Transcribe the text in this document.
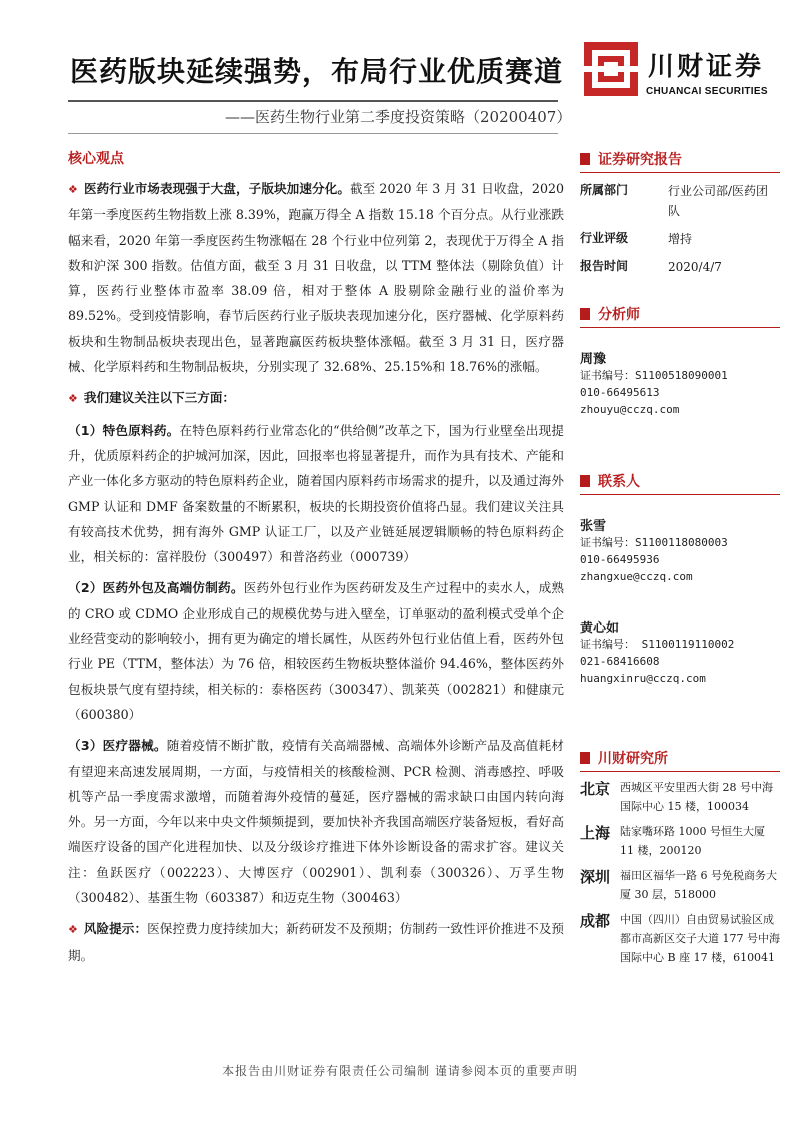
医药版块延续强势，布局行业优质赛道
——医药生物行业第二季度投资策略（20200407）
川财证券
CHUANCAI SECURITIES
核心观点
❖ 医药行业市场表现强于大盘，子版块加速分化。截至 2020 年 3 月 31 日收盘，2020 年第一季度医药生物指数上涨 8.39%，跑赢万得全 A 指数 15.18 个百分点。从行业涨跌幅来看，2020 年第一季度医药生物涨幅在 28 个行业中位列第 2，表现优于万得全 A 指数和沪深 300 指数。估值方面，截至 3 月 31 日收盘，以 TTM 整体法（剔除负值）计算，医药行业整体市盈率 38.09 倍，相对于整体 A 股剔除金融行业的溢价率为 89.52%。受到疫情影响，春节后医药行业子版块表现加速分化，医疗器械、化学原料药板块和生物制品板块表现出色，显著跑赢医药板块整体涨幅。截至 3 月 31 日，医疗器械、化学原料药和生物制品板块，分别实现了 32.68%、25.15%和 18.76%的涨幅。
❖ 我们建议关注以下三方面：
（1）特色原料药。在特色原料药行业常态化的“供给侧”改革之下，国为行业壁垒出现提升，优质原料药企的护城河加深，因此，回报率也将显著提升，而作为具有技术、产能和产业一体化多方驱动的特色原料药企业，随着国内原料药市场需求的提升，以及通过海外 GMP 认证和 DMF 备案数量的不断累积，板块的长期投资价值将凸显。我们建议关注具有较高技术优势，拥有海外 GMP 认证工厂，以及产业链延展逻辑顺畅的特色原料药企业，相关标的：富祥股份（300497）和普洛药业（000739）
（2）医药外包及高端仿制药。医药外包行业作为医药研发及生产过程中的卖水人，成熟的 CRO 或 CDMO 企业形成自己的规模优势与进入壁垒，订单驱动的盈利模式受单个企业经营变动的影响较小，拥有更为确定的增长属性，从医药外包行业估值上看，医药外包行业 PE（TTM，整体法）为 76 倍，相较医药生物板块整体溢价 94.46%，整体医药外包板块景气度有望持续，相关标的：泰格医药（300347）、凯莱英（002821）和健康元（600380）
（3）医疗器械。随着疫情不断扩散，疫情有关高端器械、高端体外诊断产品及高值耗材有望迎来高速发展周期，一方面，与疫情相关的核酸检测、PCR 检测、消毒感控、呼吸机等产品一季度需求激增，而随着海外疫情的蔓延，医疗器械的需求缺口由国内转向海外。另一方面，今年以来中央文件频频提到，要加快补齐我国高端医疗装备短板，看好高端医疗设备的国产化进程加快、以及分级诊疗推进下体外诊断设备的需求扩容。建议关注：鱼跃医疗（002223）、大博医疗（002901）、凯利泰（300326）、万孚生物（300482）、基蛋生物（603387）和迈克生物（300463）
❖ 风险提示：医保控费力度持续加大；新药研发不及预期；仿制药一致性评价推进不及预期。
证券研究报告
所属部门	行业公司部/医药团队
行业评级	增持
报告时间	2020/4/7
分析师
周豫
证书编号：S1100518090001
010-66495613
zhouyu@cczq.com
联系人
张雪
证书编号：S1100118080003
010-66495936
zhangxue@cczq.com
黄心如
证书编号： S1100119110002
021-68416608
huangxinru@cczq.com
川财研究所
北京 西城区平安里西大街 28 号中海国际中心 15 楼，100034
上海 陆家嘴环路 1000 号恒生大厦 11 楼，200120
深圳 福田区福华一路 6 号免税商务大厦 30 层，518000
成都 中国（四川）自由贸易试验区成都市高新区交子大道 177 号中海国际中心 B 座 17 楼，610041
本报告由川财证券有限责任公司编制 谨请参阅本页的重要声明
